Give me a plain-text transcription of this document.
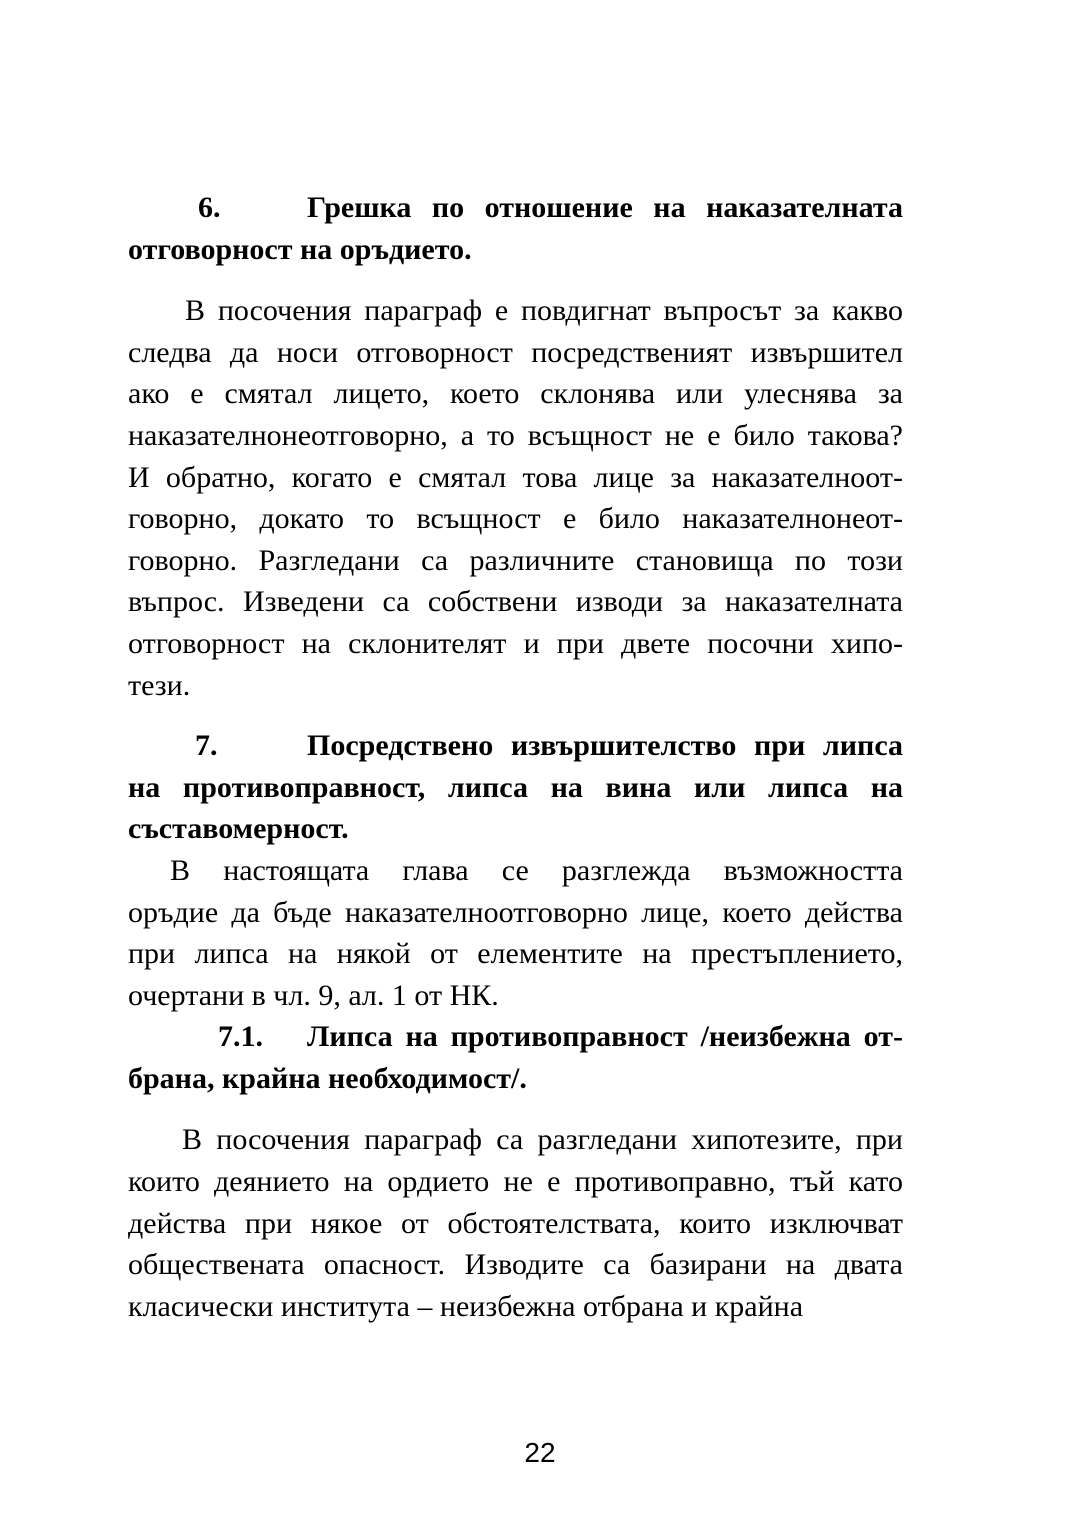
6.	Грешка по отношение на наказателната
отговорност на оръдието.
В посочения параграф е повдигнат въпросът за какво
следва да носи отговорност посредственият извършител
ако е смятал лицето, което склонява или улеснява за
наказателнонеотговорно, а то всъщност не е било такова?
И обратно, когато е смятал това лице за наказателноот-
говорно, докато то всъщност е било наказателнонеот-
говорно. Разгледани са различните становища по този
въпрос. Изведени са собствени изводи за наказателната
отговорност на склонителят и при двете посочни хипо-
тези.
7.	Посредствено извършителство при липса
на противоправност, липса на вина или липса на
съставомерност.
В настоящата глава се разглежда възможността
оръдие да бъде наказателноотговорно лице, което действа
при липса на някой от елементите на престъплението,
очертани в чл. 9, ал. 1 от НК.
7.1. Липса на противоправност /неизбежна от-
брана, крайна необходимост/.
В посочения параграф са разгледани хипотезите, при
които деянието на ордието не е противоправно, тъй като
действа при някое от обстоятелствата, които изключват
обществената опасност. Изводите са базирани на двата
класически института – неизбежна отбрана и крайна
22
